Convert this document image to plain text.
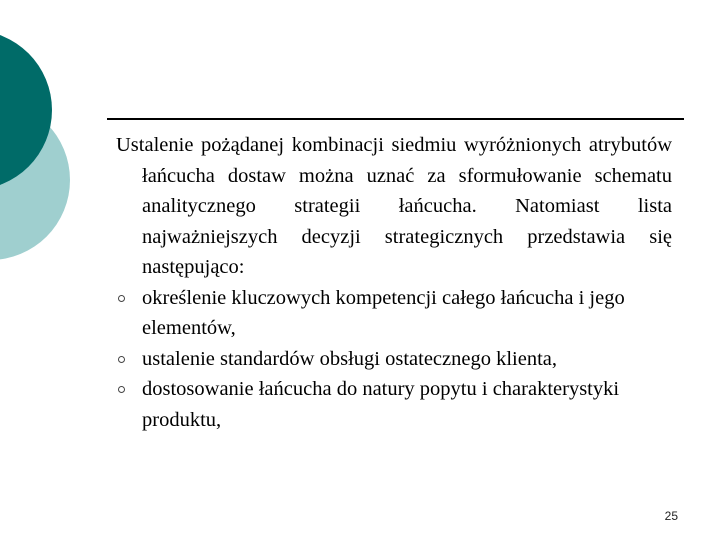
Ustalenie pożądanej kombinacji siedmiu wyróżnionych atrybutów łańcucha dostaw można uznać za sformułowanie schematu analitycznego strategii łańcucha. Natomiast lista najważniejszych decyzji strategicznych przedstawia się następująco:

określenie kluczowych kompetencji całego łańcucha i jego elementów,
ustalenie standardów obsługi ostatecznego klienta,
dostosowanie łańcucha do natury popytu i charakterystyki produktu,
25
